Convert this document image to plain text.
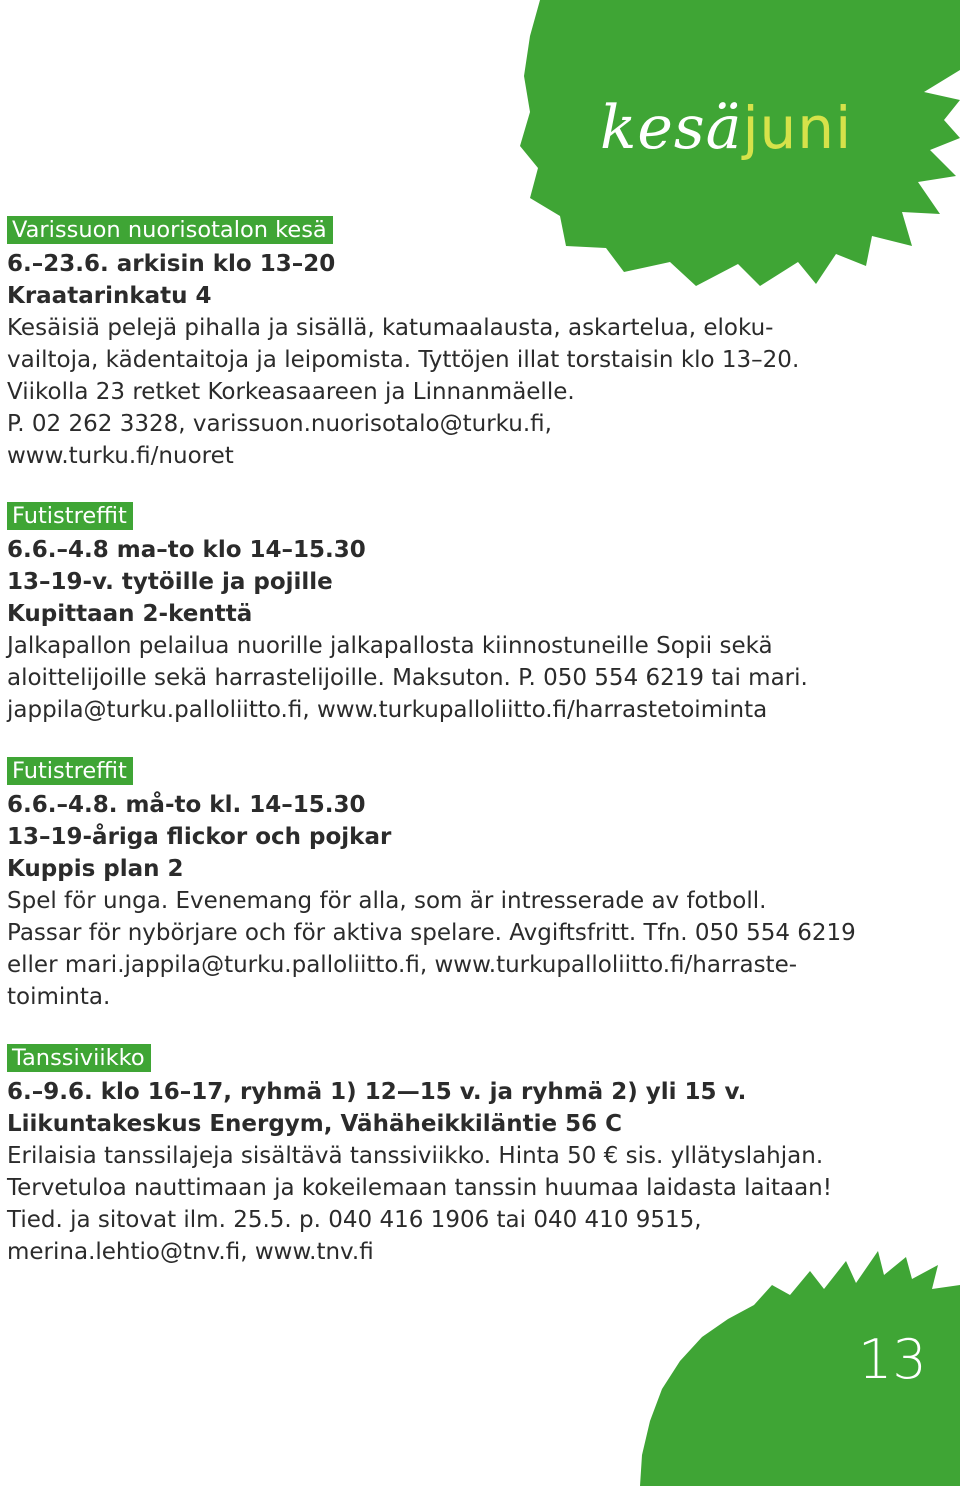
kesäjuni
13
Varissuon nuorisotalon kesä
6.–23.6. arkisin klo 13–20
Kraatarinkatu 4
Kesäisiä pelejä pihalla ja sisällä, katumaalausta, askartelua, eloku-
vailtoja, kädentaitoja ja leipomista. Tyttöjen illat torstaisin klo 13–20.
Viikolla 23 retket Korkeasaareen ja Linnanmäelle.
P. 02 262 3328, varissuon.nuorisotalo@turku.fi,
www.turku.fi/nuoret
Futistreffit
6.6.–4.8 ma–to klo 14–15.30
13–19-v. tytöille ja pojille
Kupittaan 2-kenttä
Jalkapallon pelailua nuorille jalkapallosta kiinnostuneille Sopii sekä
aloittelijoille sekä harrastelijoille. Maksuton. P. 050 554 6219 tai mari.
jappila@turku.palloliitto.fi, www.turkupalloliitto.fi/harrastetoiminta
Futistreffit
6.6.–4.8. må-to kl. 14–15.30
13–19-åriga flickor och pojkar
Kuppis plan 2
Spel för unga. Evenemang för alla, som är intresserade av fotboll.
Passar för nybörjare och för aktiva spelare. Avgiftsfritt. Tfn. 050 554 6219
eller mari.jappila@turku.palloliitto.fi, www.turkupalloliitto.fi/harraste-
toiminta.
Tanssiviikko
6.–9.6. klo 16–17, ryhmä 1) 12—15 v. ja ryhmä 2) yli 15 v.
Liikuntakeskus Energym, Vähäheikkiläntie 56 C
Erilaisia tanssilajeja sisältävä tanssiviikko. Hinta 50 € sis. yllätyslahjan.
Tervetuloa nauttimaan ja kokeilemaan tanssin huumaa laidasta laitaan!
Tied. ja sitovat ilm. 25.5. p. 040 416 1906 tai 040 410 9515,
merina.lehtio@tnv.fi, www.tnv.fi
